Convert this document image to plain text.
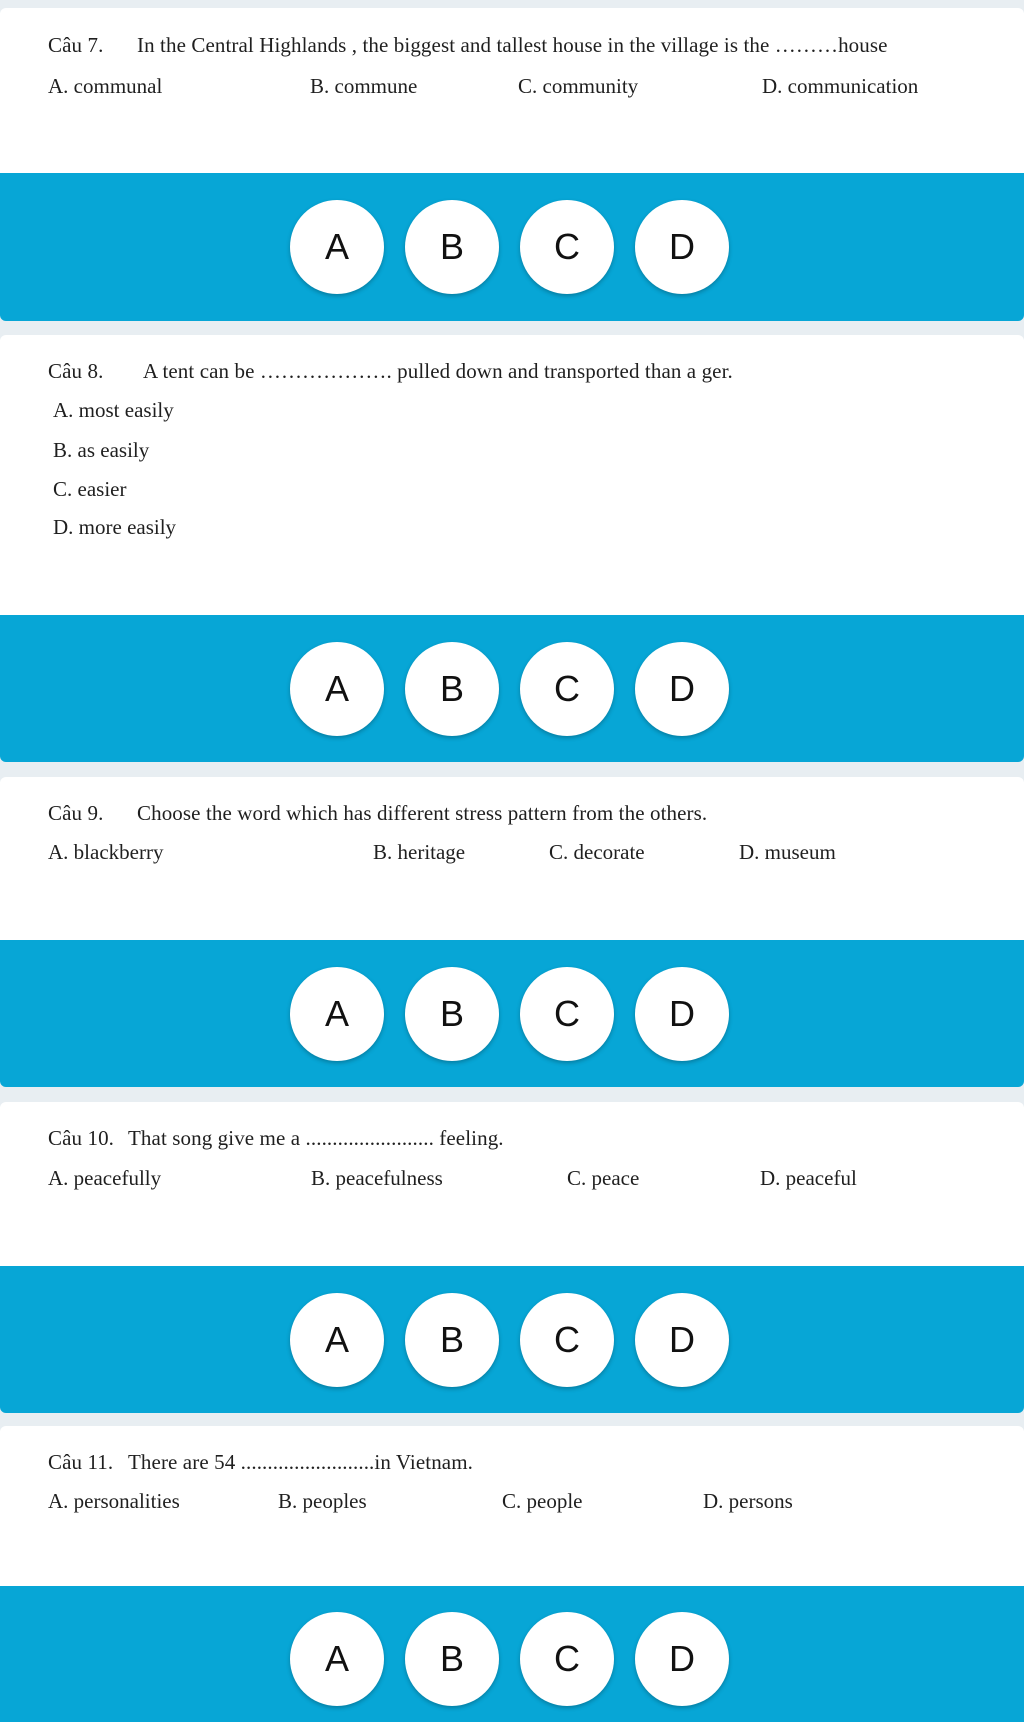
Câu 7. In the Central Highlands , the biggest and tallest house in the village is the ………house
A. communal	B. commune	C. community	D. communication
A	B	C	D
Câu 8. A tent can be ………………. pulled down and transported than a ger.
A. most easily
B. as easily
C. easier
D. more easily
A	B	C	D
Câu 9. Choose the word which has different stress pattern from the others.
A. blackberry	B. heritage	C. decorate	D. museum
A	B	C	D
Câu 10. That song give me a ........................ feeling.
A. peacefully	B. peacefulness	C. peace	D. peaceful
A	B	C	D
Câu 11. There are 54 .........................in Vietnam.
A. personalities	B. peoples	C. people	D. persons
A	B	C	D
